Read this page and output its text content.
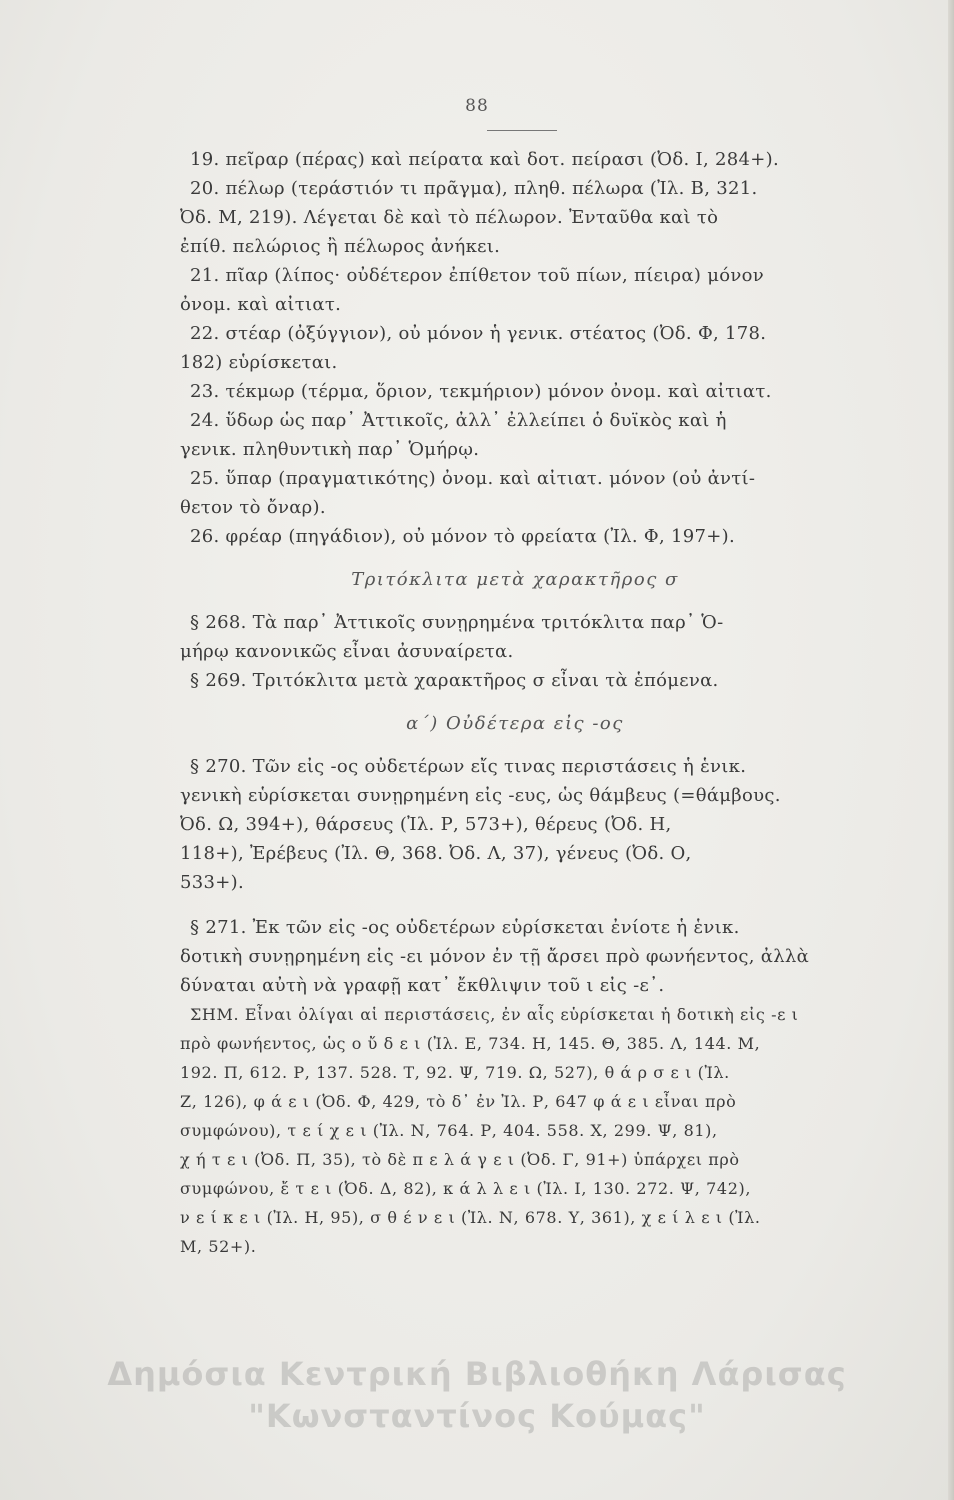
88
19. πεῖραρ (πέρας) καὶ πείρατα καὶ δοτ. πείρασι (Ὀδ. Ι, 284+).
20. πέλωρ (τεράστιόν τι πρᾶγμα), πληθ. πέλωρα (Ἰλ. Β, 321.
Ὀδ. Μ, 219). Λέγεται δὲ καὶ τὸ πέλωρον. Ἐνταῦθα καὶ τὸ
ἐπίθ. πελώριος ἢ πέλωρος ἀνήκει.
21. πῖαρ (λίπος· οὐδέτερον ἐπίθετον τοῦ πίων, πίειρα) μόνον
ὀνομ. καὶ αἰτιατ.
22. στέαρ (ὀξύγγιον), οὐ μόνον ἡ γενικ. στέατος (Ὀδ. Φ, 178.
182) εὑρίσκεται.
23. τέκμωρ (τέρμα, ὅριον, τεκμήριον) μόνον ὀνομ. καὶ αἰτιατ.
24. ὕδωρ ὡς παρ᾽ Ἀττικοῖς, ἀλλ᾽ ἐλλείπει ὁ δυϊκὸς καὶ ἡ
γενικ. πληθυντικὴ παρ᾽ Ὁμήρῳ.
25. ὕπαρ (πραγματικότης) ὀνομ. καὶ αἰτιατ. μόνον (οὐ ἀντί-
θετον τὸ ὄναρ).
26. φρέαρ (πηγάδιον), οὐ μόνον τὸ φρείατα (Ἰλ. Φ, 197+).
Τριτόκλιτα μετὰ χαρακτῆρος σ
§ 268. Τὰ παρ᾽ Ἀττικοῖς συνῃρημένα τριτόκλιτα παρ᾽ Ὁ-
μήρῳ κανονικῶς εἶναι ἀσυναίρετα.
§ 269. Τριτόκλιτα μετὰ χαρακτῆρος σ εἶναι τὰ ἑπόμενα.
α΄) Οὐδέτερα εἰς -ος
§ 270. Τῶν εἰς -ος οὐδετέρων εἴς τινας περιστάσεις ἡ ἑνικ.
γενικὴ εὑρίσκεται συνῃρημένη εἰς -ευς, ὡς θάμβευς (=θάμβους.
Ὀδ. Ω, 394+), θάρσευς (Ἰλ. Ρ, 573+), θέρευς (Ὀδ. Η,
118+), Ἐρέβευς (Ἰλ. Θ, 368. Ὀδ. Λ, 37), γένευς (Ὀδ. Ο,
533+).
§ 271. Ἐκ τῶν εἰς -ος οὐδετέρων εὑρίσκεται ἐνίοτε ἡ ἑνικ.
δοτικὴ συνῃρημένη εἰς -ει μόνον ἐν τῇ ἄρσει πρὸ φωνήεντος, ἀλλὰ
δύναται αὐτὴ νὰ γραφῇ κατ᾽ ἔκθλιψιν τοῦ ι εἰς -ε᾽.
ΣΗΜ. Εἶναι ὀλίγαι αἱ περιστάσεις, ἐν αἷς εὑρίσκεται ἡ δοτικὴ εἰς -ε ι
πρὸ φωνήεντος, ὡς ο ὔ δ ε ι (Ἰλ. Ε, 734. Η, 145. Θ, 385. Λ, 144. Μ,
192. Π, 612. Ρ, 137. 528. Τ, 92. Ψ, 719. Ω, 527), θ ά ρ σ ε ι (Ἰλ.
Ζ, 126), φ ά ε ι (Ὀδ. Φ, 429, τὸ δ᾽ ἐν Ἰλ. Ρ, 647 φ ά ε ι εἶναι πρὸ
συμφώνου), τ ε ί χ ε ι (Ἰλ. Ν, 764. Ρ, 404. 558. Χ, 299. Ψ, 81),
χ ή τ ε ι (Ὀδ. Π, 35), τὸ δὲ π ε λ ά γ ε ι (Ὀδ. Γ, 91+) ὑπάρχει πρὸ
συμφώνου, ἔ τ ε ι (Ὀδ. Δ, 82), κ ά λ λ ε ι (Ἰλ. Ι, 130. 272. Ψ, 742),
ν ε ί κ ε ι (Ἰλ. Η, 95), σ θ έ ν ε ι (Ἰλ. Ν, 678. Υ, 361), χ ε ί λ ε ι (Ἰλ.
Μ, 52+).
Δημόσια Κεντρική Βιβλιοθήκη Λάρισας
"Κωνσταντίνος Κούμας"
